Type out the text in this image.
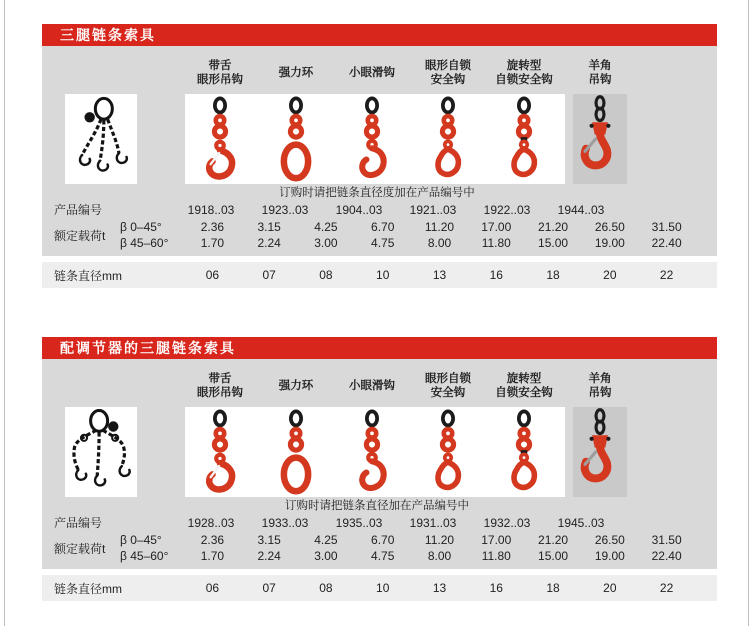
三腿链条索具
带舌
眼形吊钩
强力环	小眼滑钩
眼形自锁
安全钩
旋转型
自锁安全钩
羊角
吊钩
订购时请把链条直径度加在产品编号中
产品编号	1918..03	1923..03	1904..03	1921..03	1922..03	1944..03
额定载荷t
β 0–45°
β 45–60°
2.36	3.15	4.25	6.70	11.20	17.00	21.20	26.50	31.50
1.70	2.24	3.00	4.75	8.00	11.80	15.00	19.00	22.40
链条直径mm	06	07	08	10	13	16	18	20	22
配调节器的三腿链条索具
带舌
眼形吊钩
强力环	小眼滑钩
眼形自锁
安全钩
旋转型
自锁安全钩
羊角
吊钩
订购时请把链条直径加在产品编号中
产品编号	1928..03	1933..03	1935..03	1931..03	1932..03	1945..03
额定载荷t
β 0–45°
β 45–60°
2.36	3.15	4.25	6.70	11.20	17.00	21.20	26.50	31.50
1.70	2.24	3.00	4.75	8.00	11.80	15.00	19.00	22.40
链条直径mm	06	07	08	10	13	16	18	20	22
